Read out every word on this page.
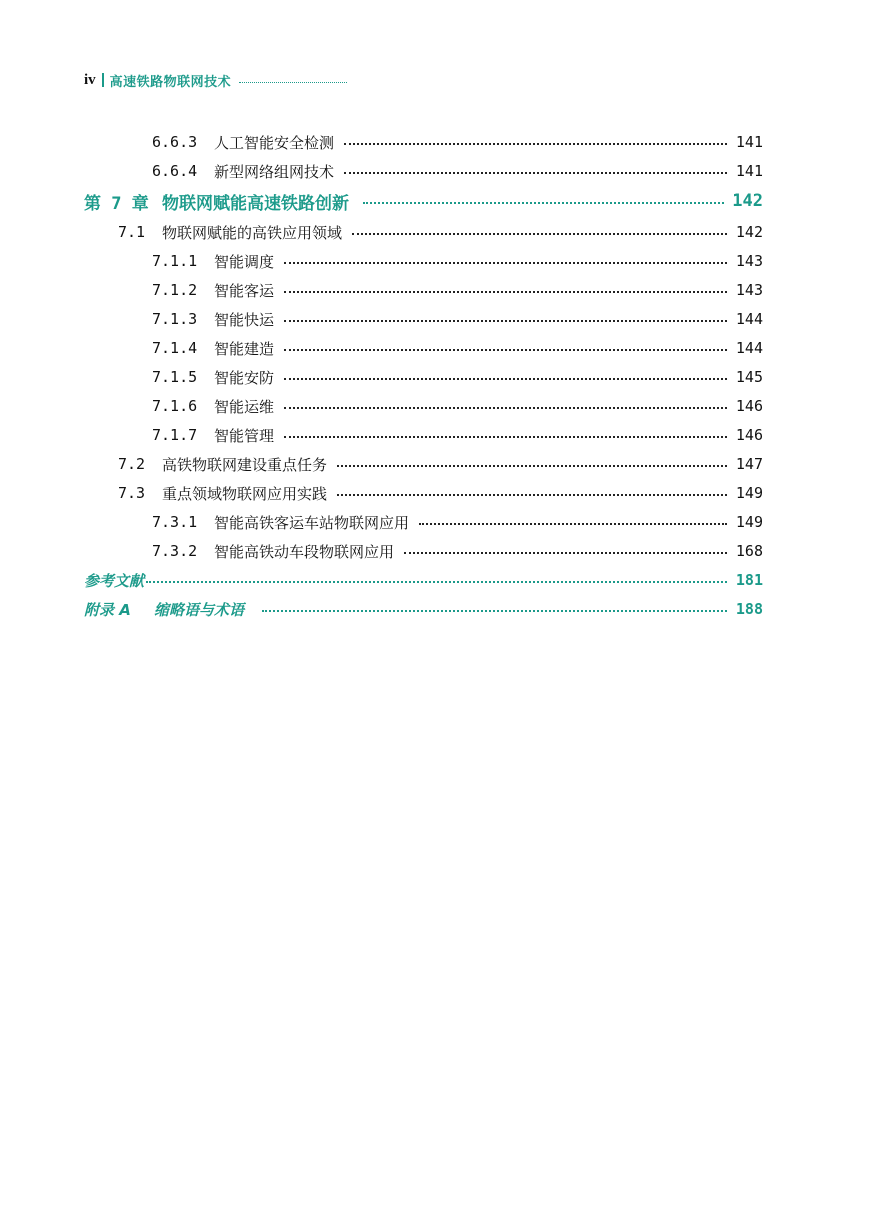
iv 高速铁路物联网技术
6.6.3	人工智能安全检测	141
6.6.4	新型网络组网技术	141
第 7 章 物联网赋能高速铁路创新	142
7.1	物联网赋能的高铁应用领域	142
7.1.1	智能调度	143
7.1.2	智能客运	143
7.1.3	智能快运	144
7.1.4	智能建造	144
7.1.5	智能安防	145
7.1.6	智能运维	146
7.1.7	智能管理	146
7.2	高铁物联网建设重点任务	147
7.3	重点领域物联网应用实践	149
7.3.1	智能高铁客运车站物联网应用	149
7.3.2	智能高铁动车段物联网应用	168
参考文献	181
附录 A	缩略语与术语	188
